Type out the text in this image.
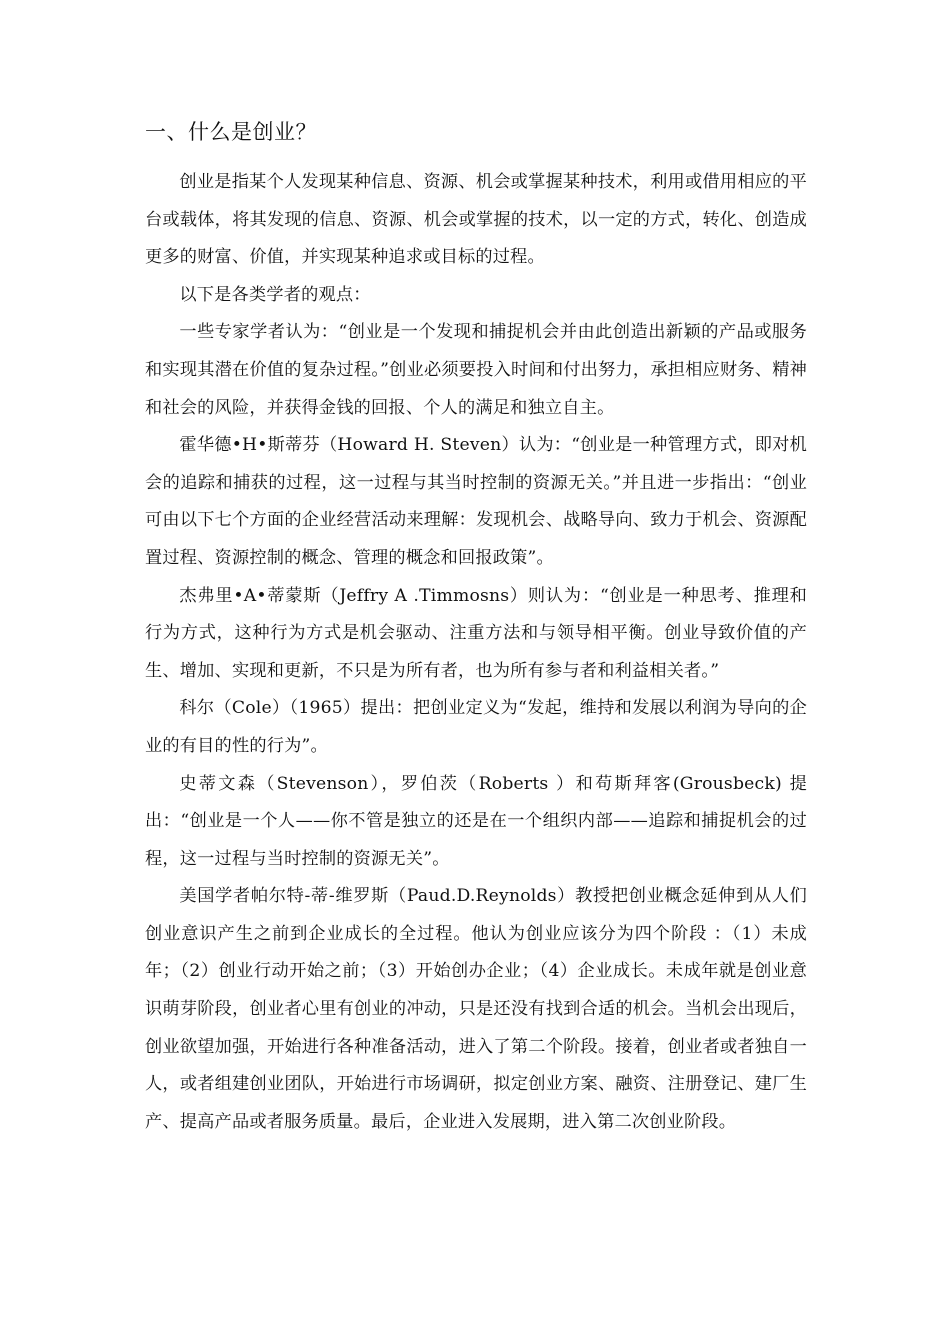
一、什么是创业？

创业是指某个人发现某种信息、资源、机会或掌握某种技术，利用或借用相应的平台或载体，将其发现的信息、资源、机会或掌握的技术，以一定的方式，转化、创造成更多的财富、价值，并实现某种追求或目标的过程。

以下是各类学者的观点：

一些专家学者认为：“创业是一个发现和捕捉机会并由此创造出新颖的产品或服务和实现其潜在价值的复杂过程。”创业必须要投入时间和付出努力，承担相应财务、精神和社会的风险，并获得金钱的回报、个人的满足和独立自主。

霍华德•H•斯蒂芬（Howard H. Steven）认为：“创业是一种管理方式，即对机会的追踪和捕获的过程，这一过程与其当时控制的资源无关。”并且进一步指出：“创业可由以下七个方面的企业经营活动来理解：发现机会、战略导向、致力于机会、资源配置过程、资源控制的概念、管理的概念和回报政策”。

杰弗里•A•蒂蒙斯（Jeffry A .Timmosns）则认为：“创业是一种思考、推理和行为方式，这种行为方式是机会驱动、注重方法和与领导相平衡。创业导致价值的产生、增加、实现和更新，不只是为所有者，也为所有参与者和利益相关者。”

科尔（Cole）（1965）提出：把创业定义为“发起，维持和发展以利润为导向的企业的有目的性的行为”。

史蒂文森（Stevenson），罗伯茨（Roberts ）和苟斯拜客(Grousbeck) 提出：“创业是一个人——你不管是独立的还是在一个组织内部——追踪和捕捉机会的过程，这一过程与当时控制的资源无关”。

美国学者帕尔特-蒂-维罗斯（Paud.D.Reynolds）教授把创业概念延伸到从人们创业意识产生之前到企业成长的全过程。他认为创业应该分为四个阶段 ：（1）未成年；（2）创业行动开始之前；（3）开始创办企业；（4）企业成长。未成年就是创业意识萌芽阶段，创业者心里有创业的冲动，只是还没有找到合适的机会。当机会出现后，创业欲望加强，开始进行各种准备活动，进入了第二个阶段。接着，创业者或者独自一人，或者组建创业团队，开始进行市场调研，拟定创业方案、融资、注册登记、建厂生产、提高产品或者服务质量。最后，企业进入发展期，进入第二次创业阶段。
